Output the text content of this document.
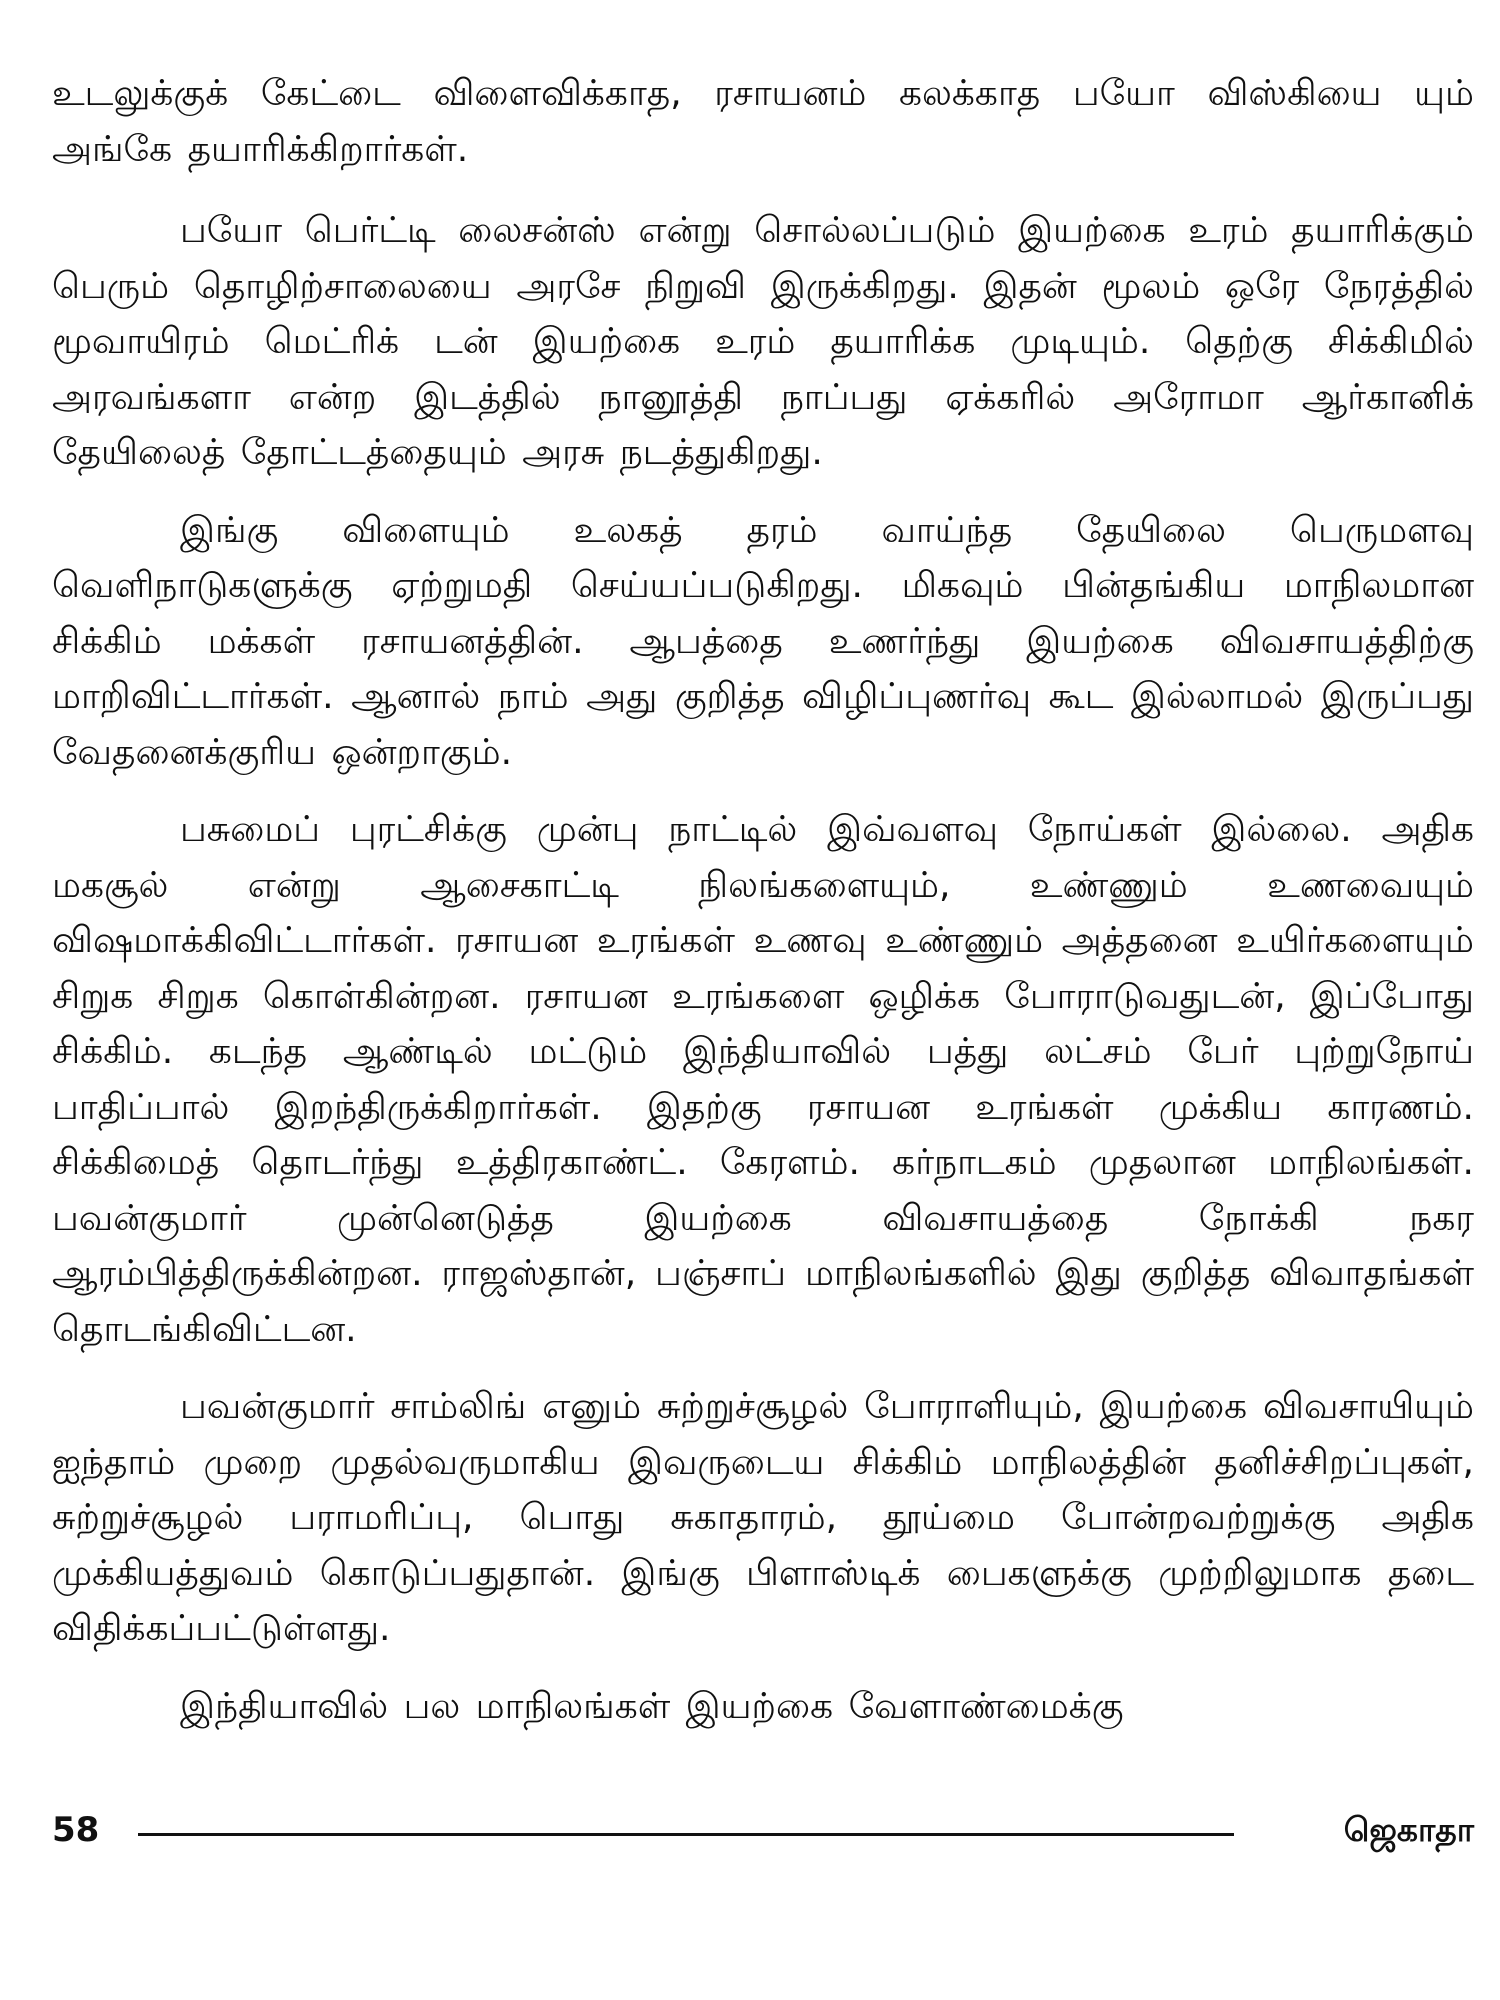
உடலுக்குக் கேட்டை விளைவிக்காத, ரசாயனம் கலக்காத பயோ விஸ்கியை யும் அங்கே தயாரிக்கிறார்கள்.

பயோ பெர்ட்டி லைசன்ஸ் என்று சொல்லப்படும் இயற்கை உரம் தயாரிக்கும் பெரும் தொழிற்சாலையை அரசே நிறுவி இருக்கிறது. இதன் மூலம் ஒரே நேரத்தில் மூவாயிரம் மெட்ரிக் டன் இயற்கை உரம் தயாரிக்க முடியும். தெற்கு சிக்கிமில் அரவங்களா என்ற இடத்தில் நானூத்தி நாப்பது ஏக்கரில் அரோமா ஆர்கானிக் தேயிலைத் தோட்டத்தையும் அரசு நடத்துகிறது.

இங்கு விளையும் உலகத் தரம் வாய்ந்த தேயிலை பெருமளவு வெளிநாடுகளுக்கு ஏற்றுமதி செய்யப்படுகிறது. மிகவும் பின்தங்கிய மாநிலமான சிக்கிம் மக்கள் ரசாயனத்தின். ஆபத்தை உணர்ந்து இயற்கை விவசாயத்திற்கு மாறிவிட்டார்கள். ஆனால் நாம் அது குறித்த விழிப்புணர்வு கூட இல்லாமல் இருப்பது வேதனைக்குரிய ஒன்றாகும்.

பசுமைப் புரட்சிக்கு முன்பு நாட்டில் இவ்வளவு நோய்கள் இல்லை. அதிக மகசூல் என்று ஆசைகாட்டி நிலங்களையும், உண்ணும் உணவையும் விஷமாக்கிவிட்டார்கள். ரசாயன உரங்கள் உணவு உண்ணும் அத்தனை உயிர்களையும் சிறுக சிறுக கொள்கின்றன. ரசாயன உரங்களை ஒழிக்க போராடுவதுடன், இப்போது சிக்கிம். கடந்த ஆண்டில் மட்டும் இந்தியாவில் பத்து லட்சம் பேர் புற்றுநோய் பாதிப்பால் இறந்திருக்கிறார்கள். இதற்கு ரசாயன உரங்கள் முக்கிய காரணம். சிக்கிமைத் தொடர்ந்து உத்திரகாண்ட். கேரளம். கர்நாடகம் முதலான மாநிலங்கள். பவன்குமார் முன்னெடுத்த இயற்கை விவசாயத்தை நோக்கி நகர ஆரம்பித்திருக்கின்றன. ராஜஸ்தான், பஞ்சாப் மாநிலங்களில் இது குறித்த விவாதங்கள் தொடங்கிவிட்டன.

பவன்குமார் சாம்லிங் எனும் சுற்றுச்சூழல் போராளியும், இயற்கை விவசாயியும் ஐந்தாம் முறை முதல்வருமாகிய இவருடைய சிக்கிம் மாநிலத்தின் தனிச்சிறப்புகள், சுற்றுச்சூழல் பராமரிப்பு, பொது சுகாதாரம், தூய்மை போன்றவற்றுக்கு அதிக முக்கியத்துவம் கொடுப்பதுதான். இங்கு பிளாஸ்டிக் பைகளுக்கு முற்றிலுமாக தடை விதிக்கப்பட்டுள்ளது.

இந்தியாவில் பல மாநிலங்கள் இயற்கை வேளாண்மைக்கு

58	ஜெகாதா
